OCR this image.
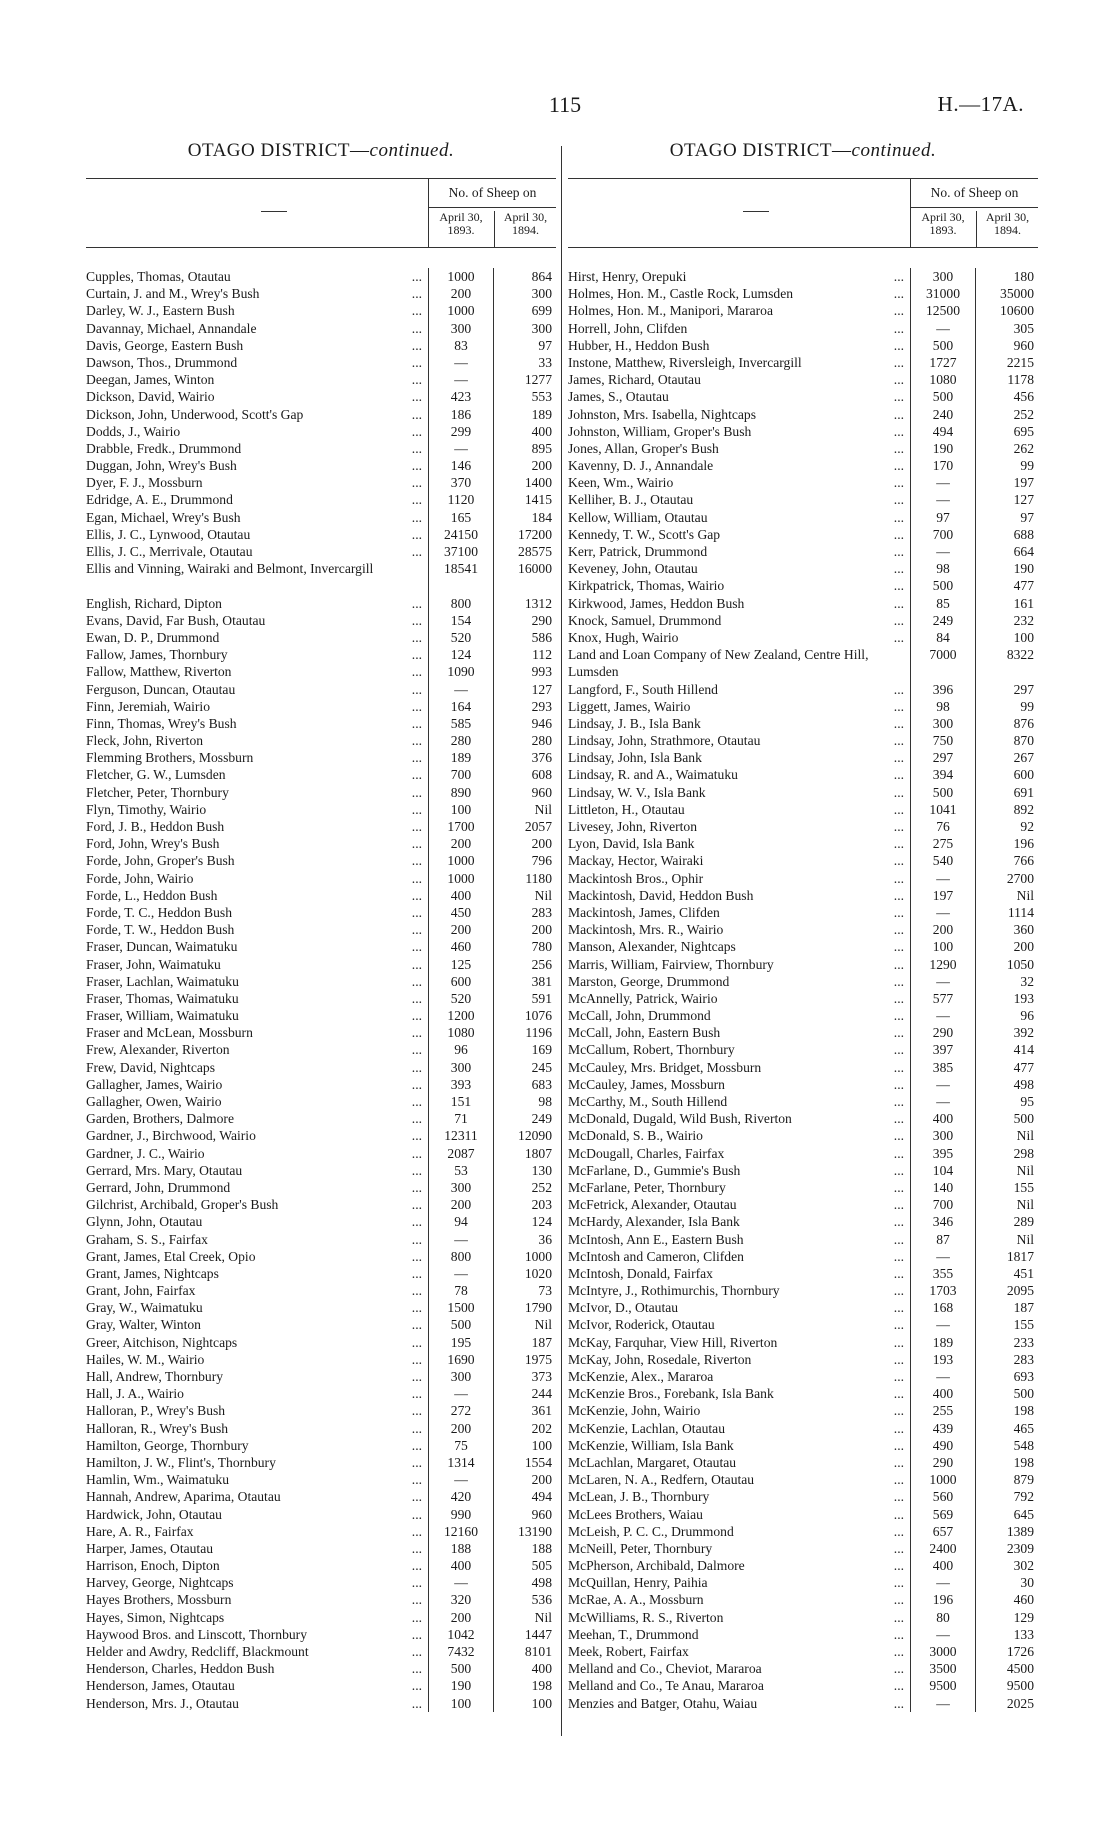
115	H.—17A.
OTAGO DISTRICT—continued.
No. of Sheep on
April 30, 1893.
April 30, 1894.
Cupples, Thomas, Otautau	...	1000	864
Curtain, J. and M., Wrey's Bush	...	200	300
Darley, W. J., Eastern Bush	...	1000	699
Davannay, Michael, Annandale	...	300	300
Davis, George, Eastern Bush	...	83	97
Dawson, Thos., Drummond	...	—	33
Deegan, James, Winton	...	—	1277
Dickson, David, Wairio	...	423	553
Dickson, John, Underwood, Scott's Gap	...	186	189
Dodds, J., Wairio	...	299	400
Drabble, Fredk., Drummond	...	—	895
Duggan, John, Wrey's Bush	...	146	200
Dyer, F. J., Mossburn	...	370	1400
Edridge, A. E., Drummond	...	1120	1415
Egan, Michael, Wrey's Bush	...	165	184
Ellis, J. C., Lynwood, Otautau	...	24150	17200
Ellis, J. C., Merrivale, Otautau	...	37100	28575
Ellis and Vinning, Wairaki and Belmont, Invercargill	18541	16000
English, Richard, Dipton	...	800	1312
Evans, David, Far Bush, Otautau	...	154	290
Ewan, D. P., Drummond	...	520	586
Fallow, James, Thornbury	...	124	112
Fallow, Matthew, Riverton	...	1090	993
Ferguson, Duncan, Otautau	...	—	127
Finn, Jeremiah, Wairio	...	164	293
Finn, Thomas, Wrey's Bush	...	585	946
Fleck, John, Riverton	...	280	280
Flemming Brothers, Mossburn	...	189	376
Fletcher, G. W., Lumsden	...	700	608
Fletcher, Peter, Thornbury	...	890	960
Flyn, Timothy, Wairio	...	100	Nil
Ford, J. B., Heddon Bush	...	1700	2057
Ford, John, Wrey's Bush	...	200	200
Forde, John, Groper's Bush	...	1000	796
Forde, John, Wairio	...	1000	1180
Forde, L., Heddon Bush	...	400	Nil
Forde, T. C., Heddon Bush	...	450	283
Forde, T. W., Heddon Bush	...	200	200
Fraser, Duncan, Waimatuku	...	460	780
Fraser, John, Waimatuku	...	125	256
Fraser, Lachlan, Waimatuku	...	600	381
Fraser, Thomas, Waimatuku	...	520	591
Fraser, William, Waimatuku	...	1200	1076
Fraser and McLean, Mossburn	...	1080	1196
Frew, Alexander, Riverton	...	96	169
Frew, David, Nightcaps	...	300	245
Gallagher, James, Wairio	...	393	683
Gallagher, Owen, Wairio	...	151	98
Garden, Brothers, Dalmore	...	71	249
Gardner, J., Birchwood, Wairio	...	12311	12090
Gardner, J. C., Wairio	...	2087	1807
Gerrard, Mrs. Mary, Otautau	...	53	130
Gerrard, John, Drummond	...	300	252
Gilchrist, Archibald, Groper's Bush	...	200	203
Glynn, John, Otautau	...	94	124
Graham, S. S., Fairfax	...	—	36
Grant, James, Etal Creek, Opio	...	800	1000
Grant, James, Nightcaps	...	—	1020
Grant, John, Fairfax	...	78	73
Gray, W., Waimatuku	...	1500	1790
Gray, Walter, Winton	...	500	Nil
Greer, Aitchison, Nightcaps	...	195	187
Hailes, W. M., Wairio	...	1690	1975
Hall, Andrew, Thornbury	...	300	373
Hall, J. A., Wairio	...	—	244
Halloran, P., Wrey's Bush	...	272	361
Halloran, R., Wrey's Bush	...	200	202
Hamilton, George, Thornbury	...	75	100
Hamilton, J. W., Flint's, Thornbury	...	1314	1554
Hamlin, Wm., Waimatuku	...	—	200
Hannah, Andrew, Aparima, Otautau	...	420	494
Hardwick, John, Otautau	...	990	960
Hare, A. R., Fairfax	...	12160	13190
Harper, James, Otautau	...	188	188
Harrison, Enoch, Dipton	...	400	505
Harvey, George, Nightcaps	...	—	498
Hayes Brothers, Mossburn	...	320	536
Hayes, Simon, Nightcaps	...	200	Nil
Haywood Bros. and Linscott, Thornbury	...	1042	1447
Helder and Awdry, Redcliff, Blackmount	...	7432	8101
Henderson, Charles, Heddon Bush	...	500	400
Henderson, James, Otautau	...	190	198
Henderson, Mrs. J., Otautau	...	100	100
OTAGO DISTRICT—continued.
No. of Sheep on
April 30, 1893.
April 30, 1894.
Hirst, Henry, Orepuki	...	300	180
Holmes, Hon. M., Castle Rock, Lumsden	...	31000	35000
Holmes, Hon. M., Manipori, Mararoa	...	12500	10600
Horrell, John, Clifden	...	—	305
Hubber, H., Heddon Bush	...	500	960
Instone, Matthew, Riversleigh, Invercargill	...	1727	2215
James, Richard, Otautau	...	1080	1178
James, S., Otautau	...	500	456
Johnston, Mrs. Isabella, Nightcaps	...	240	252
Johnston, William, Groper's Bush	...	494	695
Jones, Allan, Groper's Bush	...	190	262
Kavenny, D. J., Annandale	...	170	99
Keen, Wm., Wairio	...	—	197
Kelliher, B. J., Otautau	...	—	127
Kellow, William, Otautau	...	97	97
Kennedy, T. W., Scott's Gap	...	700	688
Kerr, Patrick, Drummond	...	—	664
Keveney, John, Otautau	...	98	190
Kirkpatrick, Thomas, Wairio	...	500	477
Kirkwood, James, Heddon Bush	...	85	161
Knock, Samuel, Drummond	...	249	232
Knox, Hugh, Wairio	...	84	100
Land and Loan Company of New Zealand, Centre Hill, Lumsden
7000	8322
Langford, F., South Hillend	...	396	297
Liggett, James, Wairio	...	98	99
Lindsay, J. B., Isla Bank	...	300	876
Lindsay, John, Strathmore, Otautau	...	750	870
Lindsay, John, Isla Bank	...	297	267
Lindsay, R. and A., Waimatuku	...	394	600
Lindsay, W. V., Isla Bank	...	500	691
Littleton, H., Otautau	...	1041	892
Livesey, John, Riverton	...	76	92
Lyon, David, Isla Bank	...	275	196
Mackay, Hector, Wairaki	...	540	766
Mackintosh Bros., Ophir	...	—	2700
Mackintosh, David, Heddon Bush	...	197	Nil
Mackintosh, James, Clifden	...	—	1114
Mackintosh, Mrs. R., Wairio	...	200	360
Manson, Alexander, Nightcaps	...	100	200
Marris, William, Fairview, Thornbury	...	1290	1050
Marston, George, Drummond	...	—	32
McAnnelly, Patrick, Wairio	...	577	193
McCall, John, Drummond	...	—	96
McCall, John, Eastern Bush	...	290	392
McCallum, Robert, Thornbury	...	397	414
McCauley, Mrs. Bridget, Mossburn	...	385	477
McCauley, James, Mossburn	...	—	498
McCarthy, M., South Hillend	...	—	95
McDonald, Dugald, Wild Bush, Riverton	...	400	500
McDonald, S. B., Wairio	...	300	Nil
McDougall, Charles, Fairfax	...	395	298
McFarlane, D., Gummie's Bush	...	104	Nil
McFarlane, Peter, Thornbury	...	140	155
McFetrick, Alexander, Otautau	...	700	Nil
McHardy, Alexander, Isla Bank	...	346	289
McIntosh, Ann E., Eastern Bush	...	87	Nil
McIntosh and Cameron, Clifden	...	—	1817
McIntosh, Donald, Fairfax	...	355	451
McIntyre, J., Rothimurchis, Thornbury	...	1703	2095
McIvor, D., Otautau	...	168	187
McIvor, Roderick, Otautau	...	—	155
McKay, Farquhar, View Hill, Riverton	...	189	233
McKay, John, Rosedale, Riverton	...	193	283
McKenzie, Alex., Mararoa	...	—	693
McKenzie Bros., Forebank, Isla Bank	...	400	500
McKenzie, John, Wairio	...	255	198
McKenzie, Lachlan, Otautau	...	439	465
McKenzie, William, Isla Bank	...	490	548
McLachlan, Margaret, Otautau	...	290	198
McLaren, N. A., Redfern, Otautau	...	1000	879
McLean, J. B., Thornbury	...	560	792
McLees Brothers, Waiau	...	569	645
McLeish, P. C. C., Drummond	...	657	1389
McNeill, Peter, Thornbury	...	2400	2309
McPherson, Archibald, Dalmore	...	400	302
McQuillan, Henry, Paihia	...	—	30
McRae, A. A., Mossburn	...	196	460
McWilliams, R. S., Riverton	...	80	129
Meehan, T., Drummond	...	—	133
Meek, Robert, Fairfax	...	3000	1726
Melland and Co., Cheviot, Mararoa	...	3500	4500
Melland and Co., Te Anau, Mararoa	...	9500	9500
Menzies and Batger, Otahu, Waiau	...	—	2025
